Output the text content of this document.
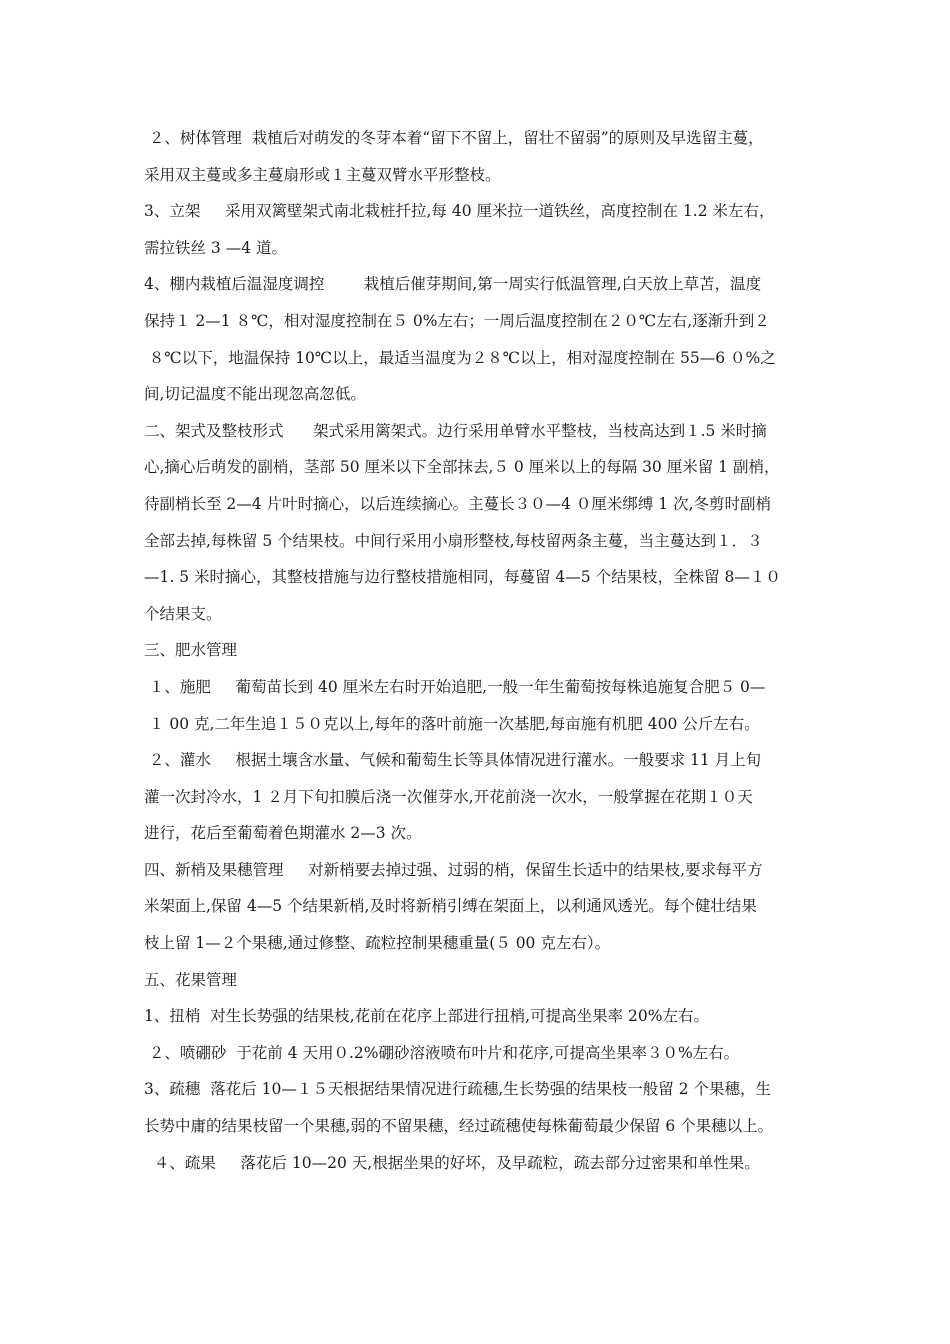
２、树体管理  栽植后对萌发的冬芽本着“留下不留上，留壮不留弱”的原则及早选留主蔓，
采用双主蔓或多主蔓扇形或１主蔓双臂水平形整枝。
3、立架     采用双篱壁架式南北栽桩扦拉,每 40 厘米拉一道铁丝，高度控制在 1.2 米左右，
需拉铁丝 3 —4 道。
4、棚内栽植后温湿度调控        栽植后催芽期间,第一周实行低温管理,白天放上草苫，温度
保持１ 2—1 ８℃，相对湿度控制在５ 0%左右；一周后温度控制在２０℃左右,逐渐升到２
８℃以下，地温保持 10℃以上，最适当温度为２８℃以上，相对湿度控制在 55—6 ０%之
间,切记温度不能出现忽高忽低。
二、架式及整枝形式      架式采用篱架式。边行采用单臂水平整枝，当枝高达到１.5 米时摘
心,摘心后萌发的副梢，茎部 50 厘米以下全部抹去,５ 0 厘米以上的每隔 30 厘米留 1 副梢，
待副梢长至 2—4 片叶时摘心，以后连续摘心。主蔓长３０—4 ０厘米绑缚 1 次,冬剪时副梢
全部去掉,每株留 5 个结果枝。中间行采用小扇形整枝,每枝留两条主蔓，当主蔓达到１．３
—1. 5 米时摘心，其整枝措施与边行整枝措施相同，每蔓留 4—5 个结果枝，全株留 8—１０
个结果支。
三、肥水管理
１、施肥     葡萄苗长到 40 厘米左右时开始追肥,一般一年生葡萄按每株追施复合肥５ 0—
１ 00 克,二年生追１５０克以上,每年的落叶前施一次基肥,每亩施有机肥 400 公斤左右。
２、灌水     根据土壤含水量、气候和葡萄生长等具体情况进行灌水。一般要求 11 月上旬
灌一次封冷水，1 ２月下旬扣膜后浇一次催芽水,开花前浇一次水，一般掌握在花期１０天
进行，花后至葡萄着色期灌水 2—3 次。
四、新梢及果穗管理     对新梢要去掉过强、过弱的梢，保留生长适中的结果枝,要求每平方
米架面上,保留 4—5 个结果新梢,及时将新梢引缚在架面上，以利通风透光。每个健壮结果
枝上留 1—２个果穗,通过修整、疏粒控制果穗重量(５ 00 克左右）。
五、花果管理
1、扭梢  对生长势强的结果枝,花前在花序上部进行扭梢,可提高坐果率 20%左右。
２、喷硼砂  于花前 4 天用０.2%硼砂溶液喷布叶片和花序,可提高坐果率３０%左右。
3、疏穗  落花后 10—１５天根据结果情况进行疏穗,生长势强的结果枝一般留 2 个果穗，生
长势中庸的结果枝留一个果穗,弱的不留果穗，经过疏穗使每株葡萄最少保留 6 个果穗以上。
４、疏果     落花后 10—20 天,根据坐果的好坏，及早疏粒，疏去部分过密果和单性果。
